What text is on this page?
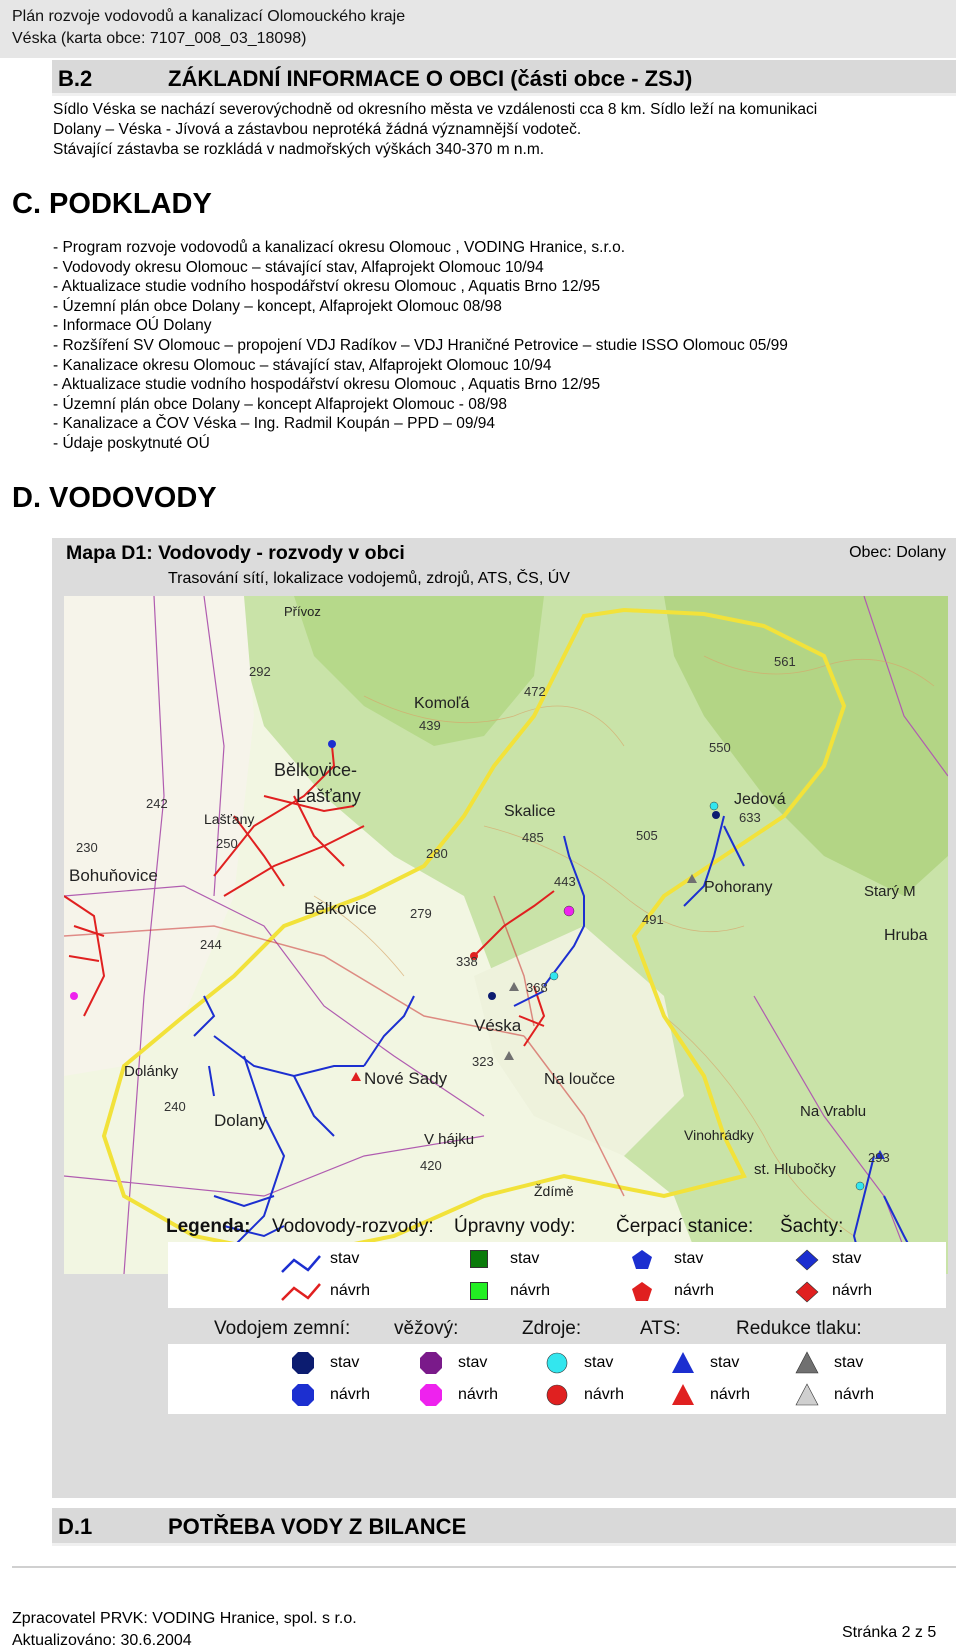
Plán rozvoje vodovodů a kanalizací Olomouckého kraje
Véska (karta obce: 7107_008_03_18098)
B.2	ZÁKLADNÍ INFORMACE O OBCI (části obce - ZSJ)
Sídlo Véska se nachází severovýchodně od okresního města ve vzdálenosti cca 8 km. Sídlo leží na komunikaci
Dolany – Véska - Jívová a zástavbou neprotéká žádná významnější vodoteč.
Stávající zástavba se rozkládá v nadmořských výškách 340-370 m n.m.
C. PODKLADY
- Program rozvoje vodovodů a kanalizací okresu Olomouc , VODING Hranice, s.r.o.
- Vodovody okresu Olomouc – stávající stav, Alfaprojekt Olomouc 10/94
- Aktualizace studie vodního hospodářství okresu Olomouc , Aquatis Brno 12/95
- Územní plán obce Dolany – koncept, Alfaprojekt Olomouc 08/98
- Informace OÚ Dolany
- Rozšíření SV Olomouc – propojení VDJ Radíkov – VDJ Hraničné Petrovice – studie ISSO Olomouc 05/99
- Kanalizace okresu Olomouc – stávající stav, Alfaprojekt Olomouc 10/94
- Aktualizace studie vodního hospodářství okresu Olomouc , Aquatis Brno 12/95
- Územní plán obce Dolany – koncept Alfaprojekt Olomouc - 08/98
- Kanalizace a ČOV Véska – Ing. Radmil Koupán – PPD – 09/94
- Údaje poskytnuté OÚ
D. VODOVODY
Mapa D1: Vodovody - rozvody v obci
Trasování sítí, lokalizace vodojemů, zdrojů, ATS, ČS, ÚV
Obec: Dolany
Bělkovice-
Lašťany
Lašťany
Bohuňovice
Bělkovice
Komoľá
Skalice
Jedová
Pohorany
Véska
Nové Sady
Dolánky
Dolany
Na loučce
V hájku
Na Vrablu
st. Hlubočky
Starý M
Hruba
Přívoz
Vinohrádky
Ždímě
292
472
439
550
633
485
280
443
491
338
323
240
420
244
230
242
250
279
561
293
505
368
Legenda: Vodovody-rozvody: Úpravny vody: Čerpací stanice: Šachty:
stav
návrh
stav
návrh
stav
návrh
stav
návrh
Vodojem zemní: věžový:	Zdroje:	ATS:	Redukce tlaku:
stav
návrh
stav
návrh
stav
návrh
stav
návrh
stav
návrh
D.1	POTŘEBA VODY Z BILANCE
Zpracovatel PRVK: VODING Hranice, spol. s r.o.
Aktualizováno: 30.6.2004	Stránka 2 z 5
